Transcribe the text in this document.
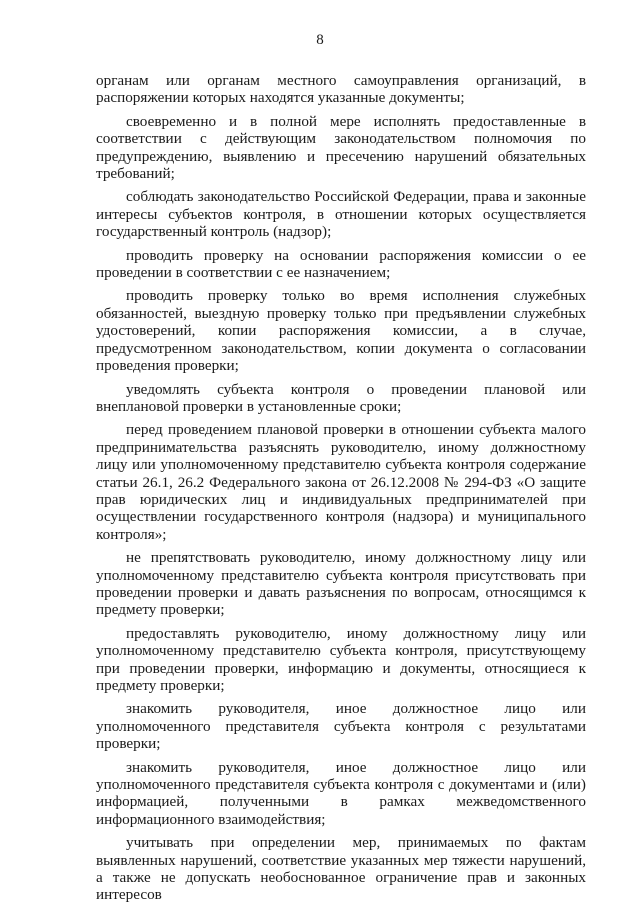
8

органам или органам местного самоуправления организаций, в распоряжении которых находятся указанные документы;

своевременно и в полной мере исполнять предоставленные в соответствии с действующим законодательством полномочия по предупреждению, выявлению и пресечению нарушений обязательных требований;

соблюдать законодательство Российской Федерации, права и законные интересы субъектов контроля, в отношении которых осуществляется государственный контроль (надзор);

проводить проверку на основании распоряжения комиссии о ее проведении в соответствии с ее назначением;

проводить проверку только во время исполнения служебных обязанностей, выездную проверку только при предъявлении служебных удостоверений, копии распоряжения комиссии, а в случае, предусмотренном законодательством, копии документа о согласовании проведения проверки;

уведомлять субъекта контроля о проведении плановой или внеплановой проверки в установленные сроки;

перед проведением плановой проверки в отношении субъекта малого предпринимательства разъяснять руководителю, иному должностному лицу или уполномоченному представителю субъекта контроля содержание статьи 26.1, 26.2 Федерального закона от 26.12.2008 № 294-ФЗ «О защите прав юридических лиц и индивидуальных предпринимателей при осуществлении государственного контроля (надзора) и муниципального контроля»;

не препятствовать руководителю, иному должностному лицу или уполномоченному представителю субъекта контроля присутствовать при проведении проверки и давать разъяснения по вопросам, относящимся к предмету проверки;

предоставлять руководителю, иному должностному лицу или уполномоченному представителю субъекта контроля, присутствующему при проведении проверки, информацию и документы, относящиеся к предмету проверки;

знакомить руководителя, иное должностное лицо или уполномоченного представителя субъекта контроля с результатами проверки;

знакомить руководителя, иное должностное лицо или уполномоченного представителя субъекта контроля с документами и (или) информацией, полученными в рамках межведомственного информационного взаимодействия;

учитывать при определении мер, принимаемых по фактам выявленных нарушений, соответствие указанных мер тяжести нарушений, а также не допускать необоснованное ограничение прав и законных интересов
